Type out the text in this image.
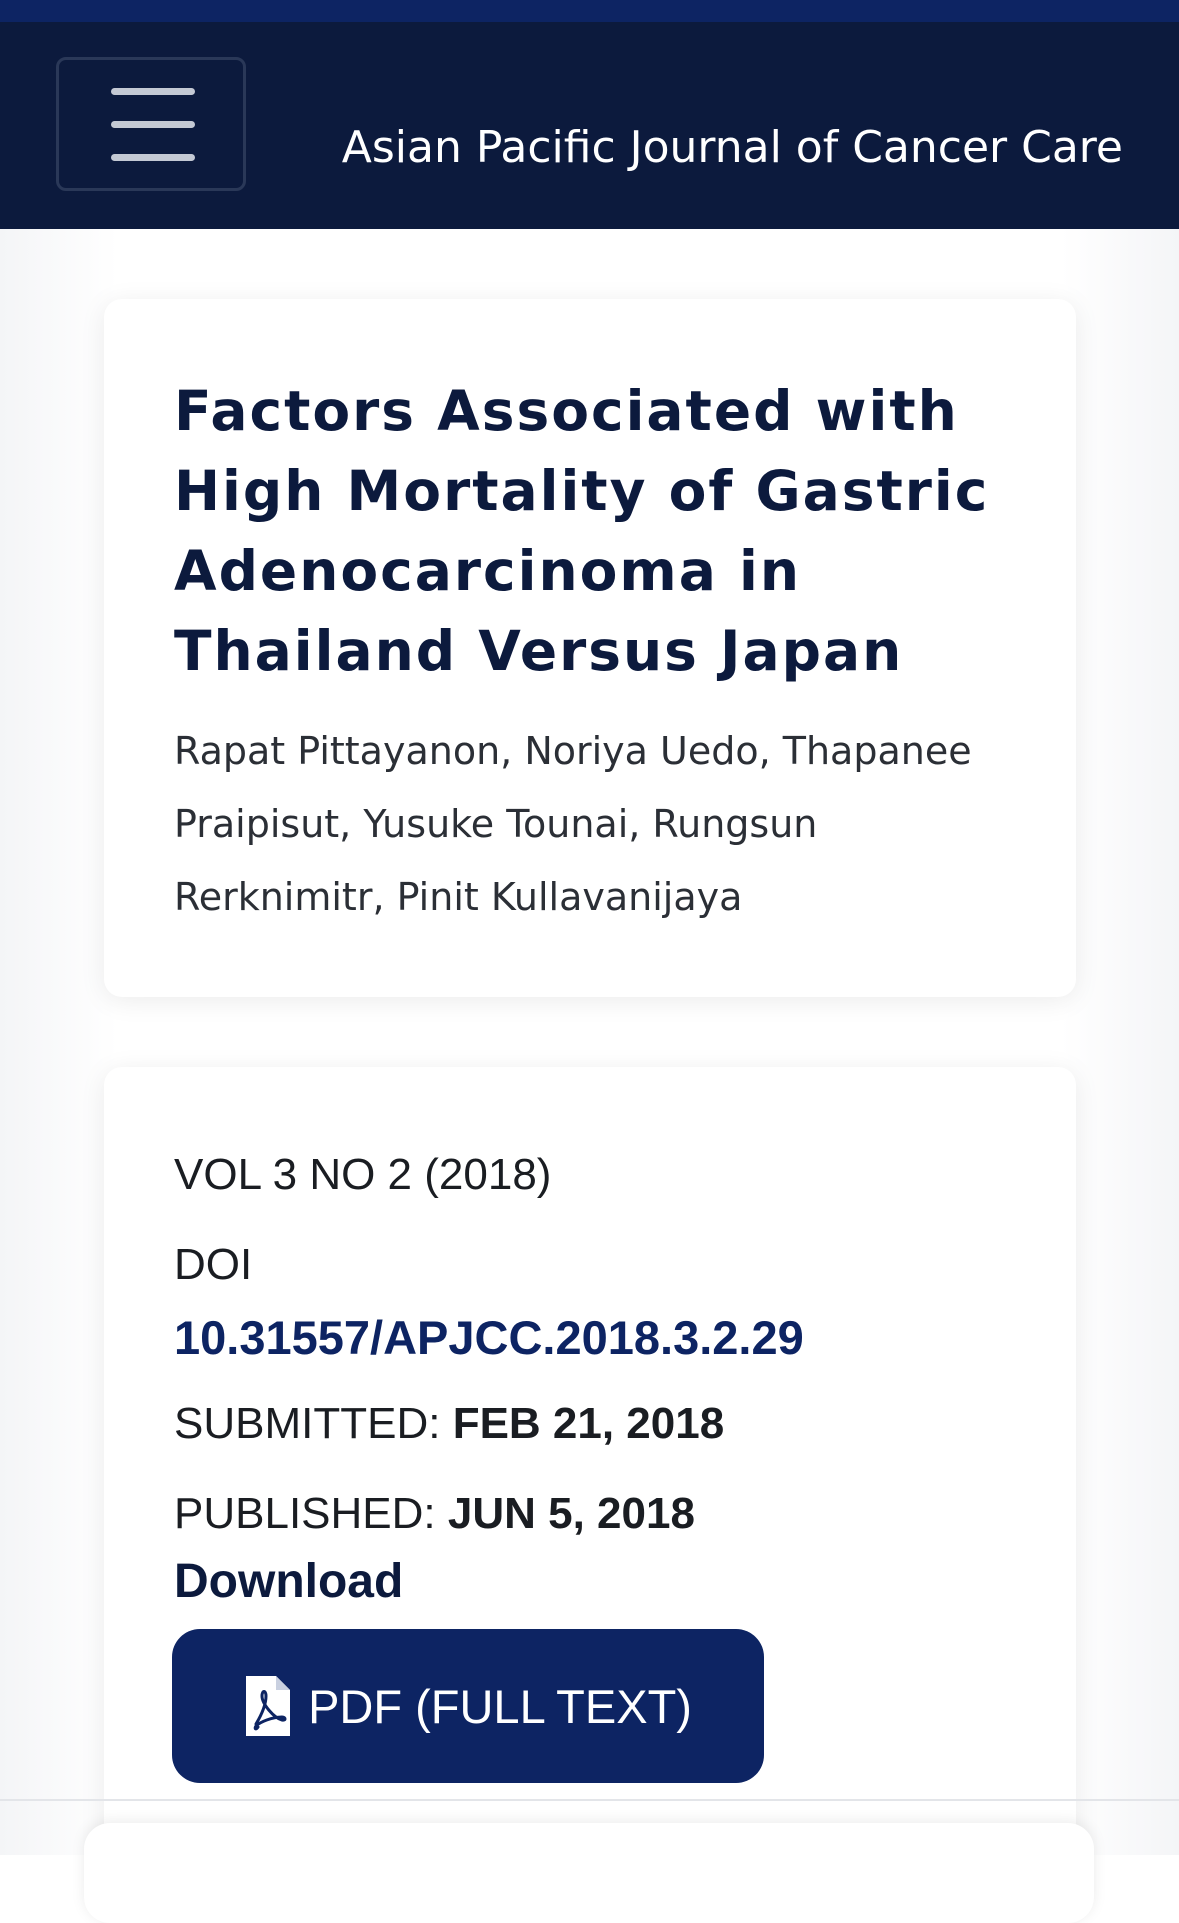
Asian Pacific Journal of Cancer Care
Factors Associated with High Mortality of Gastric Adenocarcinoma in Thailand Versus Japan
Rapat Pittayanon, Noriya Uedo, Thapanee Praipisut, Yusuke Tounai, Rungsun Rerknimitr, Pinit Kullavanijaya
VOL 3 NO 2 (2018)
DOI
10.31557/APJCC.2018.3.2.29
SUBMITTED: FEB 21, 2018
PUBLISHED: JUN 5, 2018
Download
PDF (FULL TEXT)
